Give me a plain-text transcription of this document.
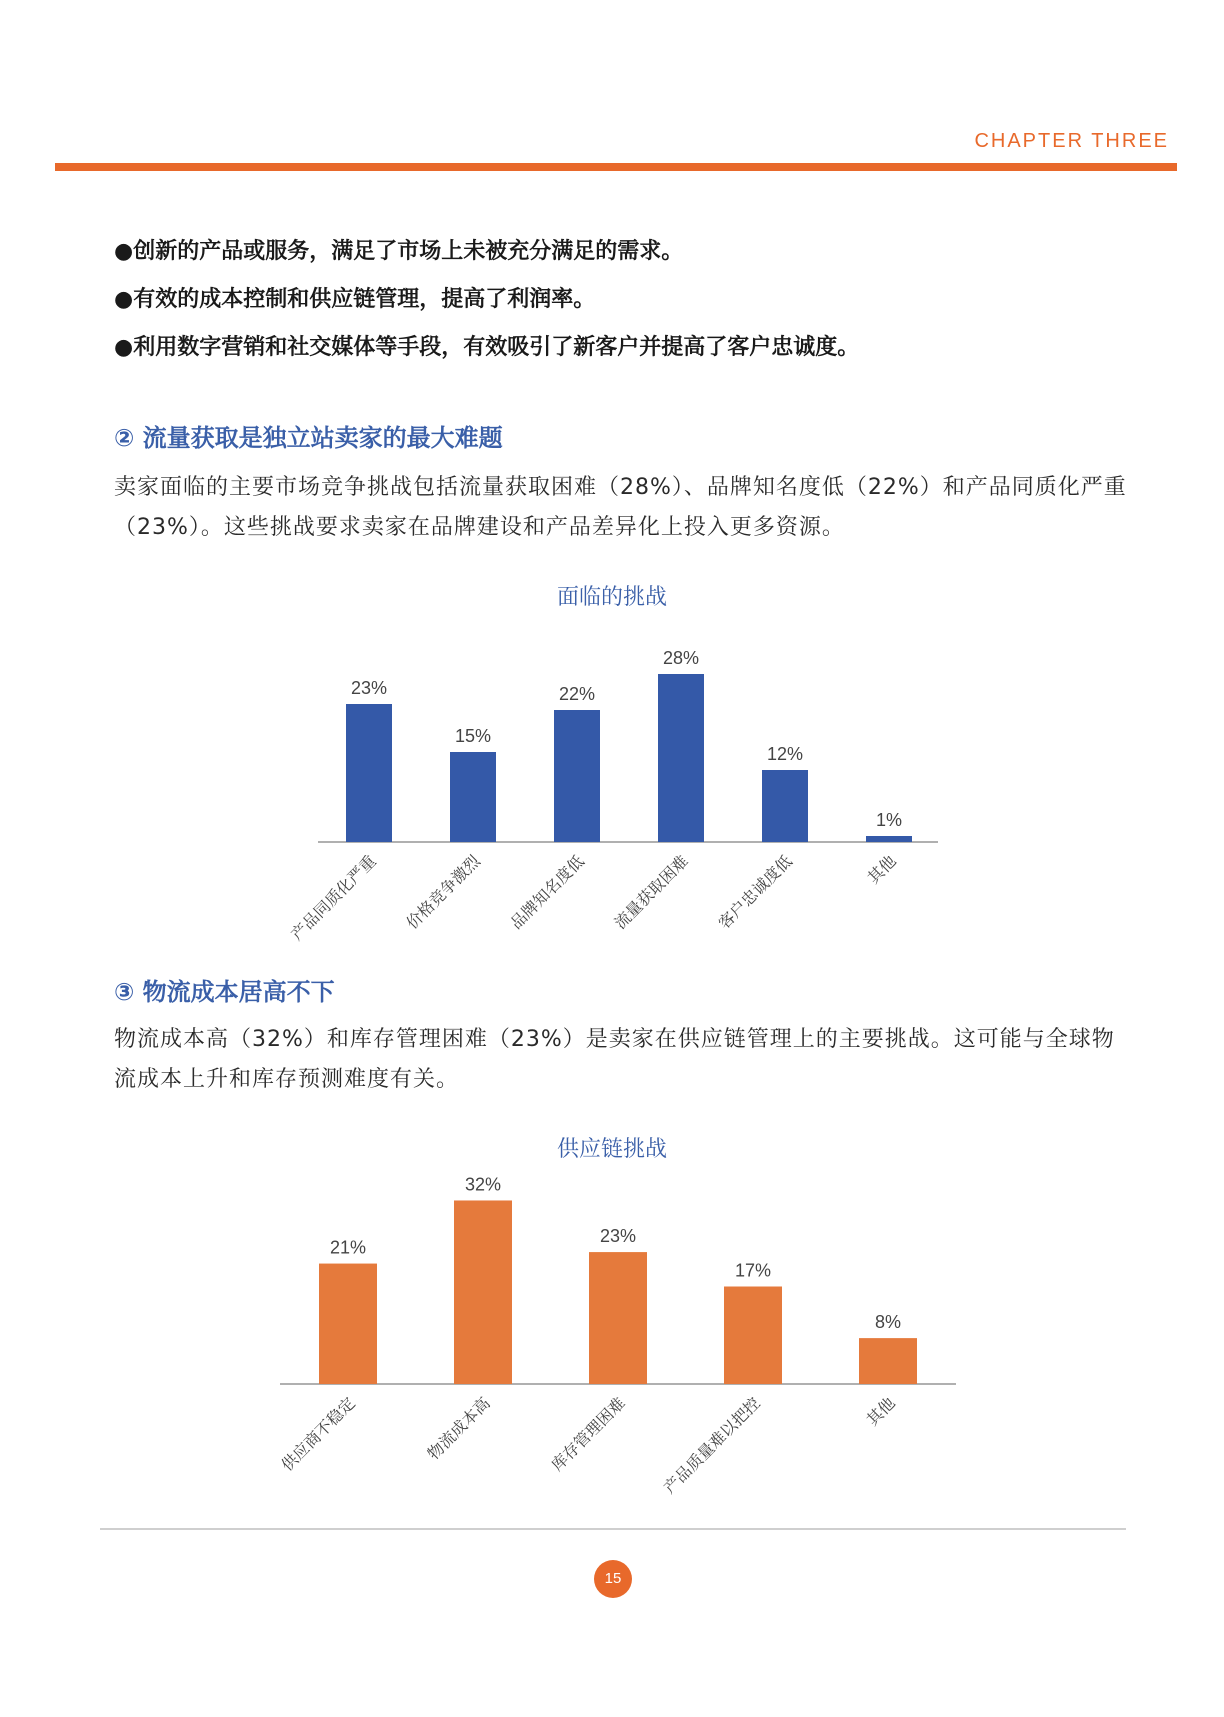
CHAPTER THREE
●创新的产品或服务，满足了市场上未被充分满足的需求。
●有效的成本控制和供应链管理，提高了利润率。
●利用数字营销和社交媒体等手段，有效吸引了新客户并提高了客户忠诚度。
② 流量获取是独立站卖家的最大难题
卖家面临的主要市场竞争挑战包括流量获取困难（28%）、品牌知名度低（22%）和产品同质化严重（23%）。这些挑战要求卖家在品牌建设和产品差异化上投入更多资源。
面临的挑战
23%
产品同质化严重
15%
价格竞争激烈
22%
品牌知名度低
28%
流量获取困难
12%
客户忠诚度低
1%
其他
③ 物流成本居高不下
物流成本高（32%）和库存管理困难（23%）是卖家在供应链管理上的主要挑战。这可能与全球物流成本上升和库存预测难度有关。
供应链挑战
21%
供应商不稳定
32%
物流成本高
23%
库存管理困难
17%
产品质量难以把控
8%
其他
15
